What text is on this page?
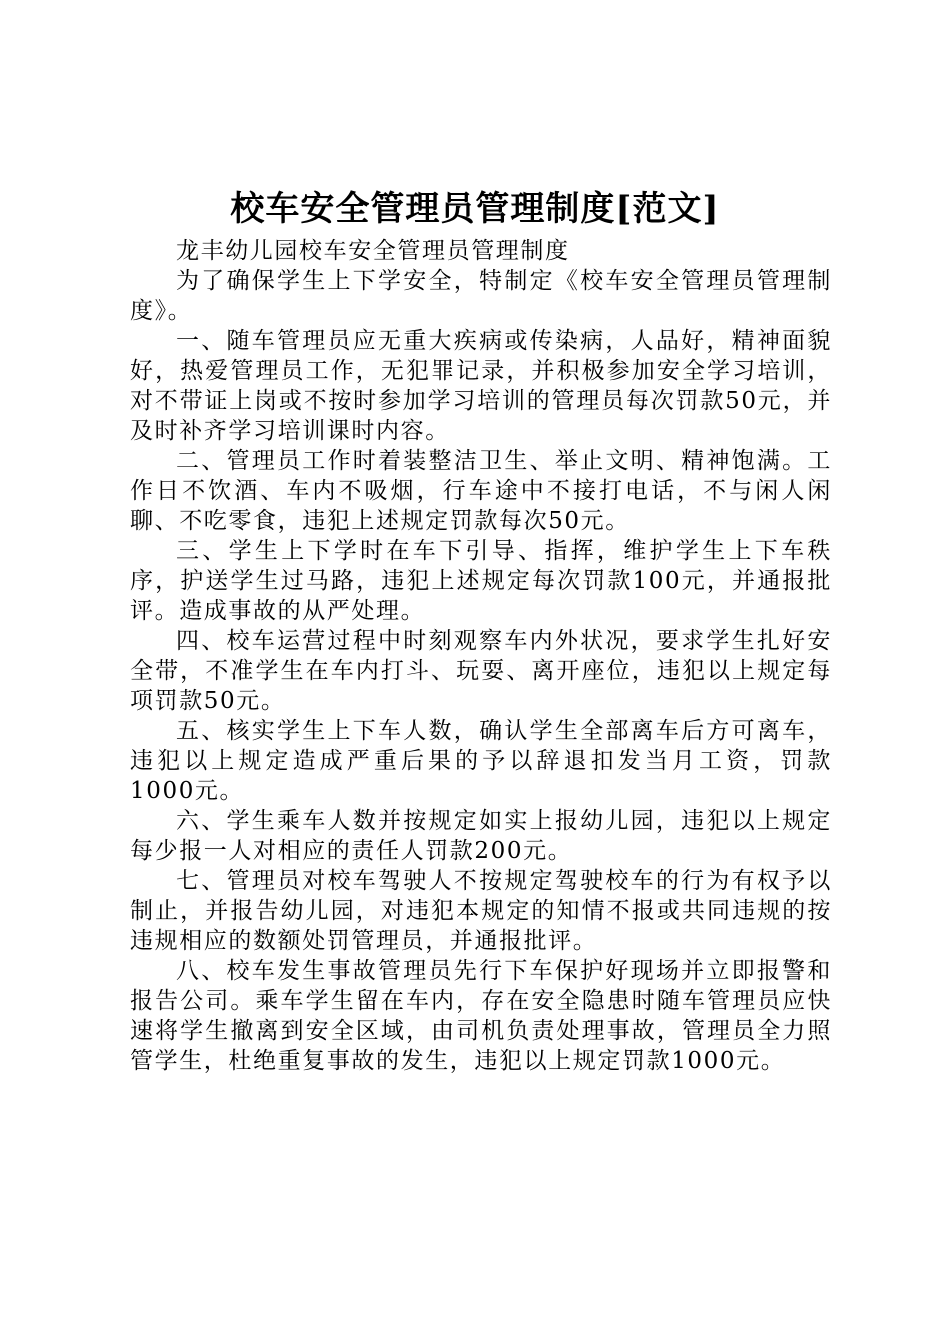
校车安全管理员管理制度[范文]

龙丰幼儿园校车安全管理员管理制度

为了确保学生上下学安全，特制定《校车安全管理员管理制度》。

一、随车管理员应无重大疾病或传染病，人品好，精神面貌好，热爱管理员工作，无犯罪记录，并积极参加安全学习培训，对不带证上岗或不按时参加学习培训的管理员每次罚款50元，并及时补齐学习培训课时内容。

二、管理员工作时着装整洁卫生、举止文明、精神饱满。工作日不饮酒、车内不吸烟，行车途中不接打电话，不与闲人闲聊、不吃零食，违犯上述规定罚款每次50元。

三、学生上下学时在车下引导、指挥，维护学生上下车秩序，护送学生过马路，违犯上述规定每次罚款100元，并通报批评。造成事故的从严处理。

四、校车运营过程中时刻观察车内外状况，要求学生扎好安全带，不准学生在车内打斗、玩耍、离开座位，违犯以上规定每项罚款50元。

五、核实学生上下车人数，确认学生全部离车后方可离车，违犯以上规定造成严重后果的予以辞退扣发当月工资，罚款1000元。

六、学生乘车人数并按规定如实上报幼儿园，违犯以上规定每少报一人对相应的责任人罚款200元。

七、管理员对校车驾驶人不按规定驾驶校车的行为有权予以制止，并报告幼儿园，对违犯本规定的知情不报或共同违规的按违规相应的数额处罚管理员，并通报批评。

八、校车发生事故管理员先行下车保护好现场并立即报警和报告公司。乘车学生留在车内，存在安全隐患时随车管理员应快速将学生撤离到安全区域，由司机负责处理事故，管理员全力照管学生，杜绝重复事故的发生，违犯以上规定罚款1000元。
